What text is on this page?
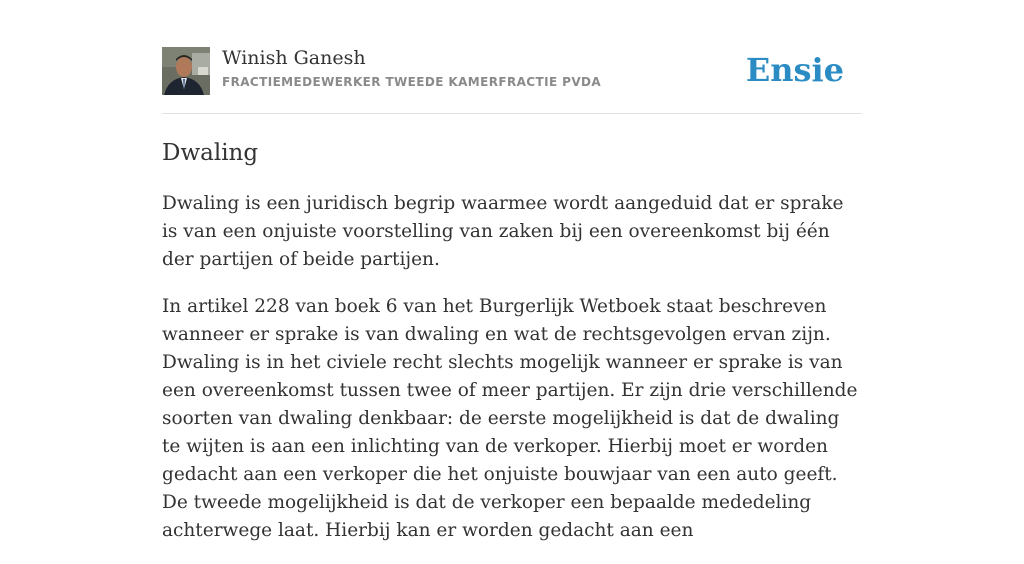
Winish Ganesh
FRACTIEMEDEWERKER TWEEDE KAMERFRACTIE PVDA	Ensie
Dwaling

Dwaling is een juridisch begrip waarmee wordt aangeduid dat er sprake is van een onjuiste voorstelling van zaken bij een overeenkomst bij één der partijen of beide partijen.

In artikel 228 van boek 6 van het Burgerlijk Wetboek staat beschreven wanneer er sprake is van dwaling en wat de rechtsgevolgen ervan zijn. Dwaling is in het civiele recht slechts mogelijk wanneer er sprake is van een overeenkomst tussen twee of meer partijen. Er zijn drie verschillende soorten van dwaling denkbaar: de eerste mogelijkheid is dat de dwaling te wijten is aan een inlichting van de verkoper. Hierbij moet er worden gedacht aan een verkoper die het onjuiste bouwjaar van een auto geeft. De tweede mogelijkheid is dat de verkoper een bepaalde mededeling achterwege laat. Hierbij kan er worden gedacht aan een
